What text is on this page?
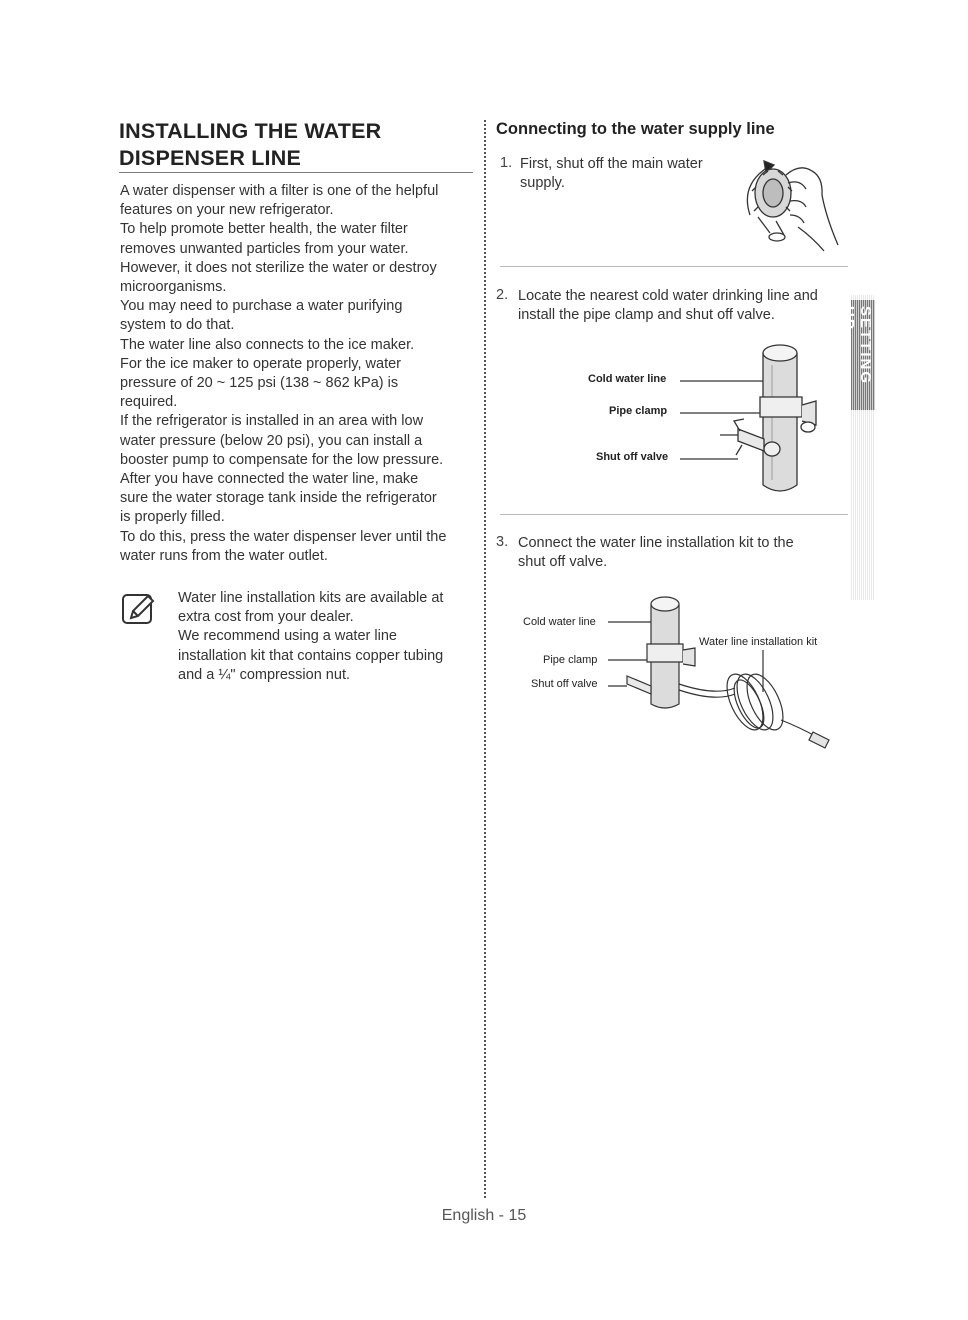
INSTALLING THE WATER
DISPENSER LINE
A water dispenser with a filter is one of the helpful
features on your new refrigerator.
To help promote better health, the water filter
removes unwanted particles from your water.
However, it does not sterilize the water or destroy
microorganisms.
You may need to purchase a water purifying
system to do that.
The water line also connects to the ice maker.
For the ice maker to operate properly, water
pressure of 20 ~ 125 psi (138 ~ 862 kPa) is
required.
If the refrigerator is installed in an area with low
water pressure (below 20 psi), you can install a
booster pump to compensate for the low pressure.
After you have connected the water line, make
sure the water storage tank inside the refrigerator
is properly filled.
To do this, press the water dispenser lever until the
water runs from the water outlet.
Water line installation kits are available at
extra cost from your dealer.
We recommend using a water line
installation kit that contains copper tubing
and a ¼" compression nut.
Connecting to the water supply line
1. First, shut off the main water
supply.
2. Locate the nearest cold water drinking line and
install the pipe clamp and shut off valve.
Cold water line
Pipe clamp
Shut off valve
3. Connect the water line installation kit to the
shut off valve.
Cold water line
Pipe clamp
Shut off valve
Water line installation kit
SETTING UP
English - 15
